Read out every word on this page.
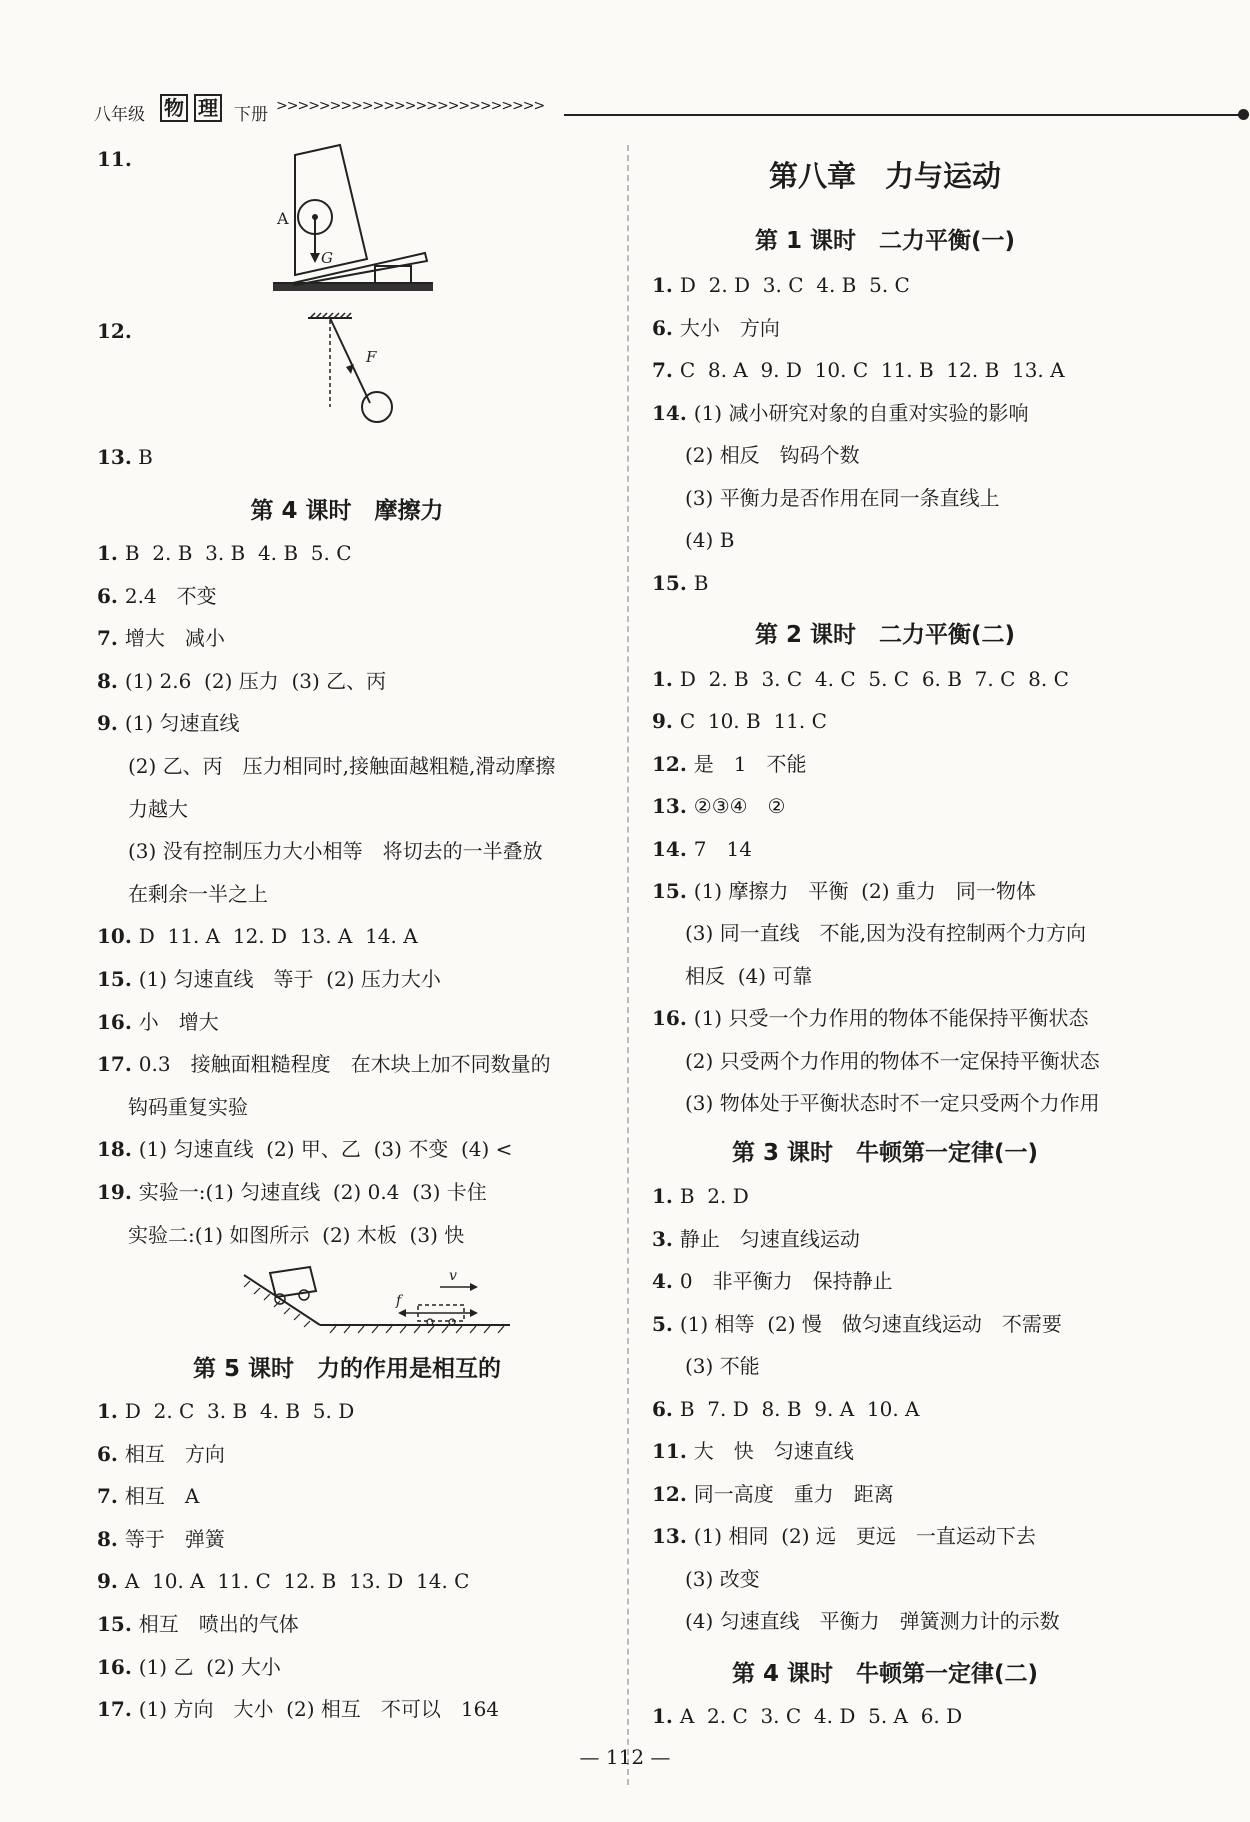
八年级 物 理 下册 >>>>>>>>>>>>>>>>>>>>>>>>>
11.
A
G
12.
F
13. B
第 4 课时　摩擦力
1. B  2. B  3. B  4. B  5. C
6. 2.4　不变
7. 增大　减小
8. (1) 2.6  (2) 压力  (3) 乙、丙
9. (1) 匀速直线
(2) 乙、丙　压力相同时,接触面越粗糙,滑动摩擦
力越大
(3) 没有控制压力大小相等　将切去的一半叠放
在剩余一半之上
10. D  11. A  12. D  13. A  14. A
15. (1) 匀速直线　等于  (2) 压力大小
16. 小　增大
17. 0.3　接触面粗糙程度　在木块上加不同数量的
钩码重复实验
18. (1) 匀速直线  (2) 甲、乙  (3) 不变  (4) <
19. 实验一:(1) 匀速直线  (2) 0.4  (3) 卡住
实验二:(1) 如图所示  (2) 木板  (3) 快
v
f
第 5 课时　力的作用是相互的
1. D  2. C  3. B  4. B  5. D
6. 相互　方向
7. 相互　A
8. 等于　弹簧
9. A  10. A  11. C  12. B  13. D  14. C
15. 相互　喷出的气体
16. (1) 乙  (2) 大小
17. (1) 方向　大小  (2) 相互　不可以　164
第八章　力与运动
第 1 课时　二力平衡(一)
1. D  2. D  3. C  4. B  5. C
6. 大小　方向
7. C  8. A  9. D  10. C  11. B  12. B  13. A
14. (1) 减小研究对象的自重对实验的影响
(2) 相反　钩码个数
(3) 平衡力是否作用在同一条直线上
(4) B
15. B
第 2 课时　二力平衡(二)
1. D  2. B  3. C  4. C  5. C  6. B  7. C  8. C
9. C  10. B  11. C
12. 是　1　不能
13. ②③④　②
14. 7　14
15. (1) 摩擦力　平衡  (2) 重力　同一物体
(3) 同一直线　不能,因为没有控制两个力方向
相反  (4) 可靠
16. (1) 只受一个力作用的物体不能保持平衡状态
(2) 只受两个力作用的物体不一定保持平衡状态
(3) 物体处于平衡状态时不一定只受两个力作用
第 3 课时　牛顿第一定律(一)
1. B  2. D
3. 静止　匀速直线运动
4. 0　非平衡力　保持静止
5. (1) 相等  (2) 慢　做匀速直线运动　不需要
(3) 不能
6. B  7. D  8. B  9. A  10. A
11. 大　快　匀速直线
12. 同一高度　重力　距离
13. (1) 相同  (2) 远　更远　一直运动下去
(3) 改变
(4) 匀速直线　平衡力　弹簧测力计的示数
第 4 课时　牛顿第一定律(二)
1. A  2. C  3. C  4. D  5. A  6. D
— 112 —
